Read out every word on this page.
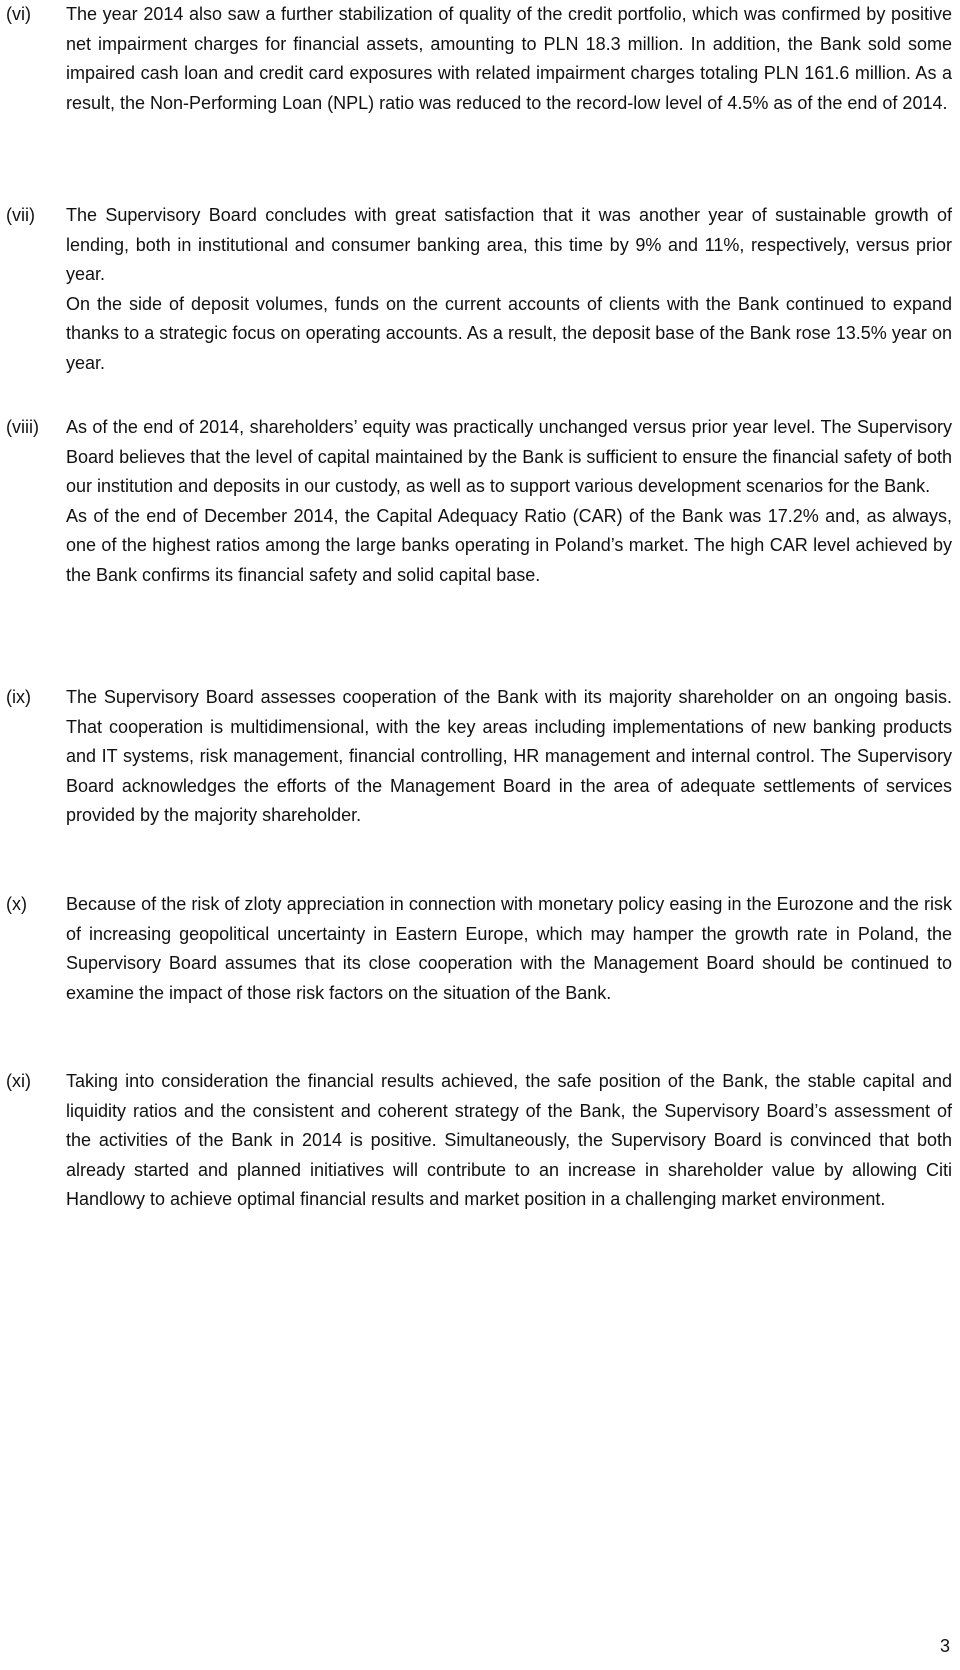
(vi) The year 2014 also saw a further stabilization of quality of the credit portfolio, which was confirmed by positive net impairment charges for financial assets, amounting to PLN 18.3 million. In addition, the Bank sold some impaired cash loan and credit card exposures with related impairment charges totaling PLN 161.6 million. As a result, the Non-Performing Loan (NPL) ratio was reduced to the record-low level of 4.5% as of the end of 2014.

(vii) The Supervisory Board concludes with great satisfaction that it was another year of sustainable growth of lending, both in institutional and consumer banking area, this time by 9% and 11%, respectively, versus prior year.

On the side of deposit volumes, funds on the current accounts of clients with the Bank continued to expand thanks to a strategic focus on operating accounts. As a result, the deposit base of the Bank rose 13.5% year on year.

(viii) As of the end of 2014, shareholders’ equity was practically unchanged versus prior year level. The Supervisory Board believes that the level of capital maintained by the Bank is sufficient to ensure the financial safety of both our institution and deposits in our custody, as well as to support various development scenarios for the Bank.

As of the end of December 2014, the Capital Adequacy Ratio (CAR) of the Bank was 17.2% and, as always, one of the highest ratios among the large banks operating in Poland’s market. The high CAR level achieved by the Bank confirms its financial safety and solid capital base.

(ix) The Supervisory Board assesses cooperation of the Bank with its majority shareholder on an ongoing basis. That cooperation is multidimensional, with the key areas including implementations of new banking products and IT systems, risk management, financial controlling, HR management and internal control. The Supervisory Board acknowledges the efforts of the Management Board in the area of adequate settlements of services provided by the majority shareholder.

(x) Because of the risk of zloty appreciation in connection with monetary policy easing in the Eurozone and the risk of increasing geopolitical uncertainty in Eastern Europe, which may hamper the growth rate in Poland, the Supervisory Board assumes that its close cooperation with the Management Board should be continued to examine the impact of those risk factors on the situation of the Bank.

(xi) Taking into consideration the financial results achieved, the safe position of the Bank, the stable capital and liquidity ratios and the consistent and coherent strategy of the Bank, the Supervisory Board’s assessment of the activities of the Bank in 2014 is positive. Simultaneously, the Supervisory Board is convinced that both already started and planned initiatives will contribute to an increase in shareholder value by allowing Citi Handlowy to achieve optimal financial results and market position in a challenging market environment.

3
